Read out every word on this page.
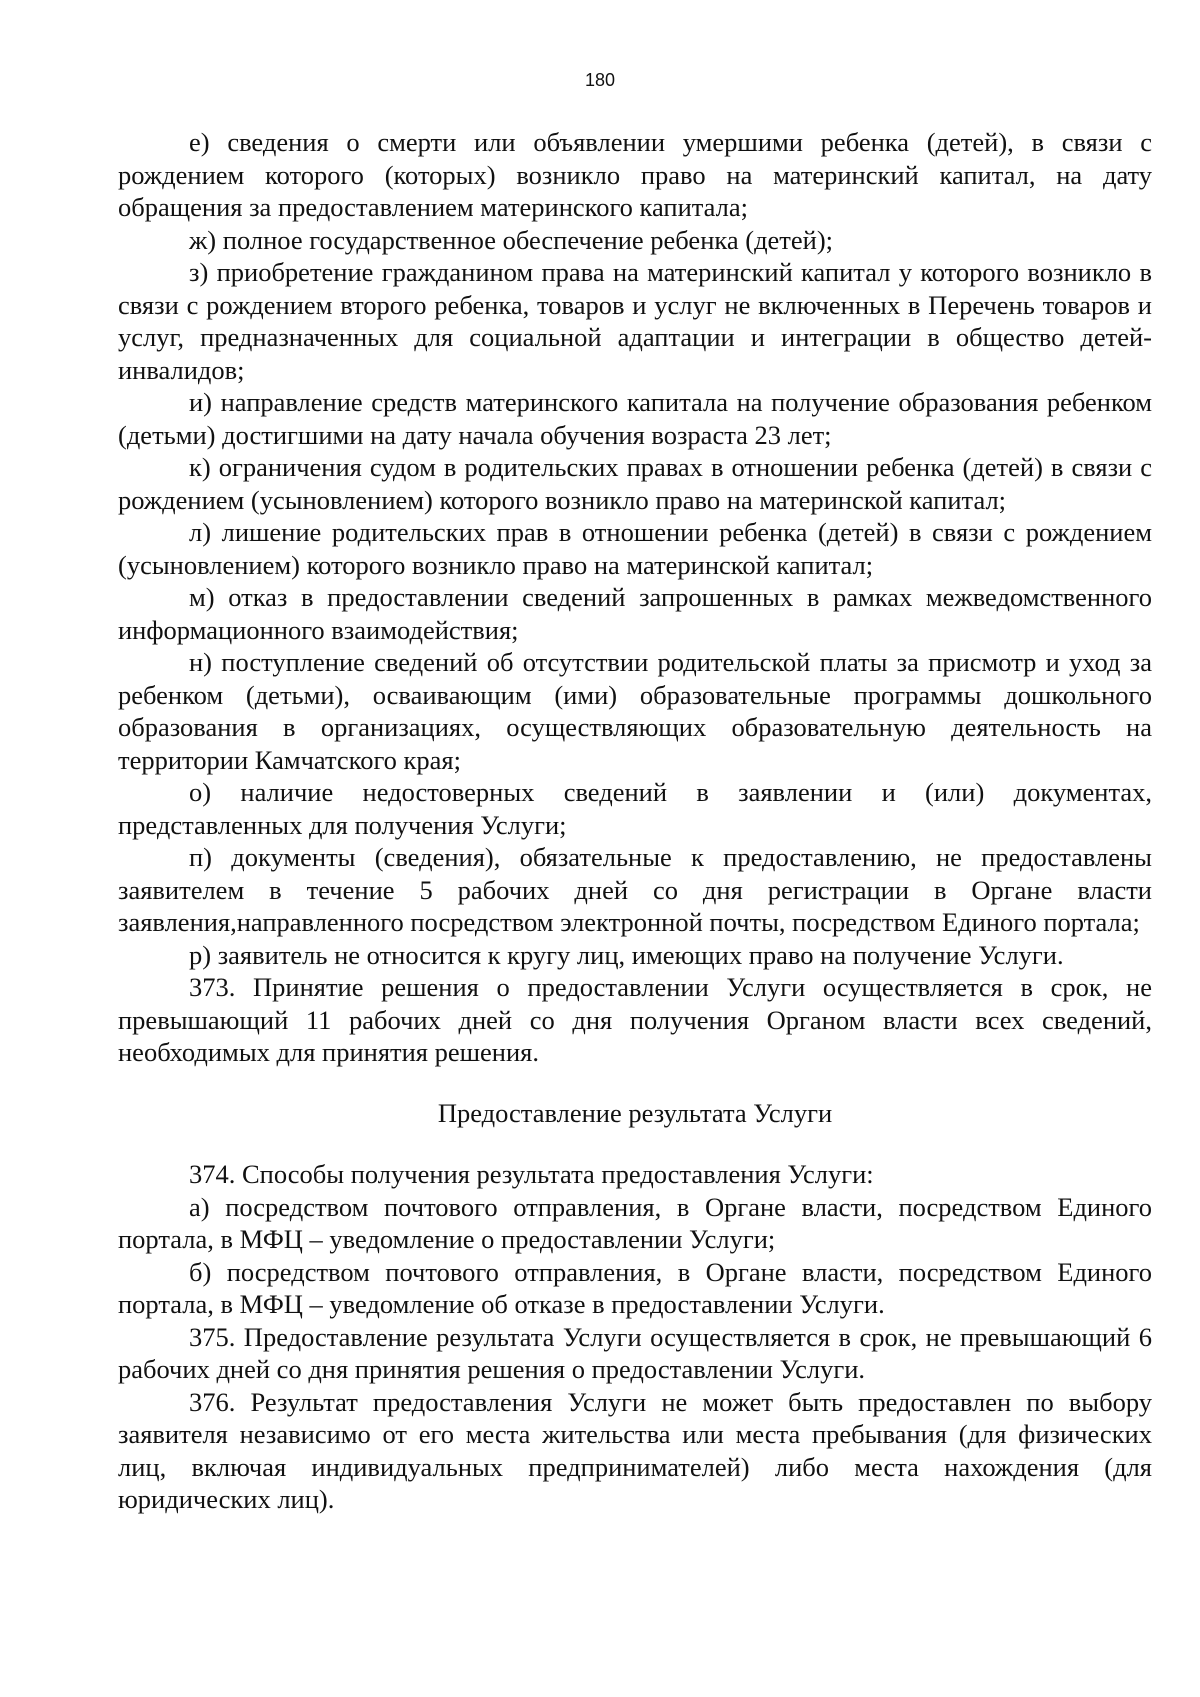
180

е) сведения о смерти или объявлении умершими ребенка (детей), в связи с рождением которого (которых) возникло право на материнский капитал, на дату обращения за предоставлением материнского капитала;

ж) полное государственное обеспечение ребенка (детей);

з) приобретение гражданином права на материнский капитал у которого возникло в связи с рождением второго ребенка, товаров и услуг не включенных в Перечень товаров и услуг, предназначенных для социальной адаптации и интеграции в общество детей-инвалидов;

и) направление средств материнского капитала на получение образования ребенком (детьми) достигшими на дату начала обучения возраста 23 лет;

к) ограничения судом в родительских правах в отношении ребенка (детей) в связи с рождением (усыновлением) которого возникло право на материнской капитал;

л) лишение родительских прав в отношении ребенка (детей) в связи с рождением (усыновлением) которого возникло право на материнской капитал;

м) отказ в предоставлении сведений запрошенных в рамках межведомственного информационного взаимодействия;

н) поступление сведений об отсутствии родительской платы за присмотр и уход за ребенком (детьми), осваивающим (ими) образовательные программы дошкольного образования в организациях, осуществляющих образовательную деятельность на территории Камчатского края;

о) наличие недостоверных сведений в заявлении и (или) документах, представленных для получения Услуги;

п) документы (сведения), обязательные к предоставлению, не предоставлены заявителем в течение 5 рабочих дней со дня регистрации в Органе власти заявления,направленного посредством электронной почты, посредством Единого портала;

р) заявитель не относится к кругу лиц, имеющих право на получение Услуги.

373. Принятие решения о предоставлении Услуги осуществляется в срок, не превышающий 11 рабочих дней со дня получения Органом власти всех сведений, необходимых для принятия решения.

Предоставление результата Услуги

374. Способы получения результата предоставления Услуги:

а) посредством почтового отправления, в Органе власти, посредством Единого портала, в МФЦ – уведомление о предоставлении Услуги;

б) посредством почтового отправления, в Органе власти, посредством Единого портала, в МФЦ – уведомление об отказе в предоставлении Услуги.

375. Предоставление результата Услуги осуществляется в срок, не превышающий 6 рабочих дней со дня принятия решения о предоставлении Услуги.

376. Результат предоставления Услуги не может быть предоставлен по выбору заявителя независимо от его места жительства или места пребывания (для физических лиц, включая индивидуальных предпринимателей) либо места нахождения (для юридических лиц).
